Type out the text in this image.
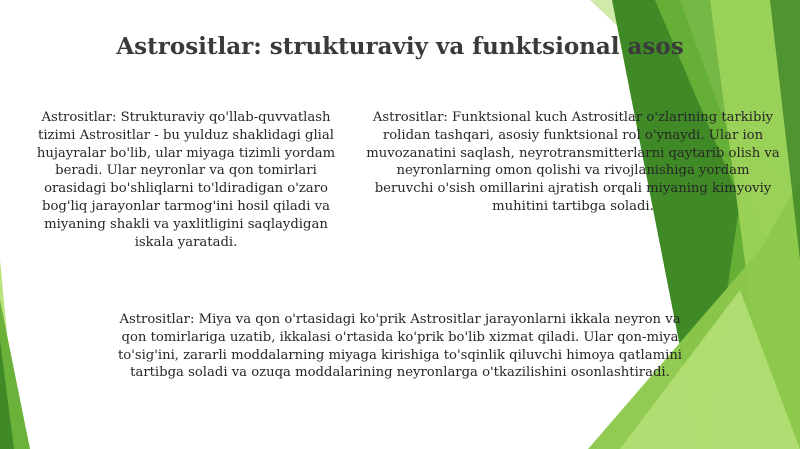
Astrositlar: strukturaviy va funktsional asos
Astrositlar: Strukturaviy qo'llab-quvvatlash tizimi Astrositlar - bu yulduz shaklidagi glial hujayralar bo'lib, ular miyaga tizimli yordam beradi. Ular neyronlar va qon tomirlari orasidagi bo'shliqlarni to'ldiradigan o'zaro bog'liq jarayonlar tarmog'ini hosil qiladi va miyaning shakli va yaxlitligini saqlaydigan iskala yaratadi.
Astrositlar: Funktsional kuch Astrositlar o'zlarining tarkibiy rolidan tashqari, asosiy funktsional rol o'ynaydi. Ular ion muvozanatini saqlash, neyrotransmitterlarni qaytarib olish va neyronlarning omon qolishi va rivojlanishiga yordam beruvchi o'sish omillarini ajratish orqali miyaning kimyoviy muhitini tartibga soladi.
Astrositlar: Miya va qon o'rtasidagi ko'prik Astrositlar jarayonlarni ikkala neyron va qon tomirlariga uzatib, ikkalasi o'rtasida ko'prik bo'lib xizmat qiladi. Ular qon-miya to'sig'ini, zararli moddalarning miyaga kirishiga to'sqinlik qiluvchi himoya qatlamini tartibga soladi va ozuqa moddalarining neyronlarga o'tkazilishini osonlashtiradi.
